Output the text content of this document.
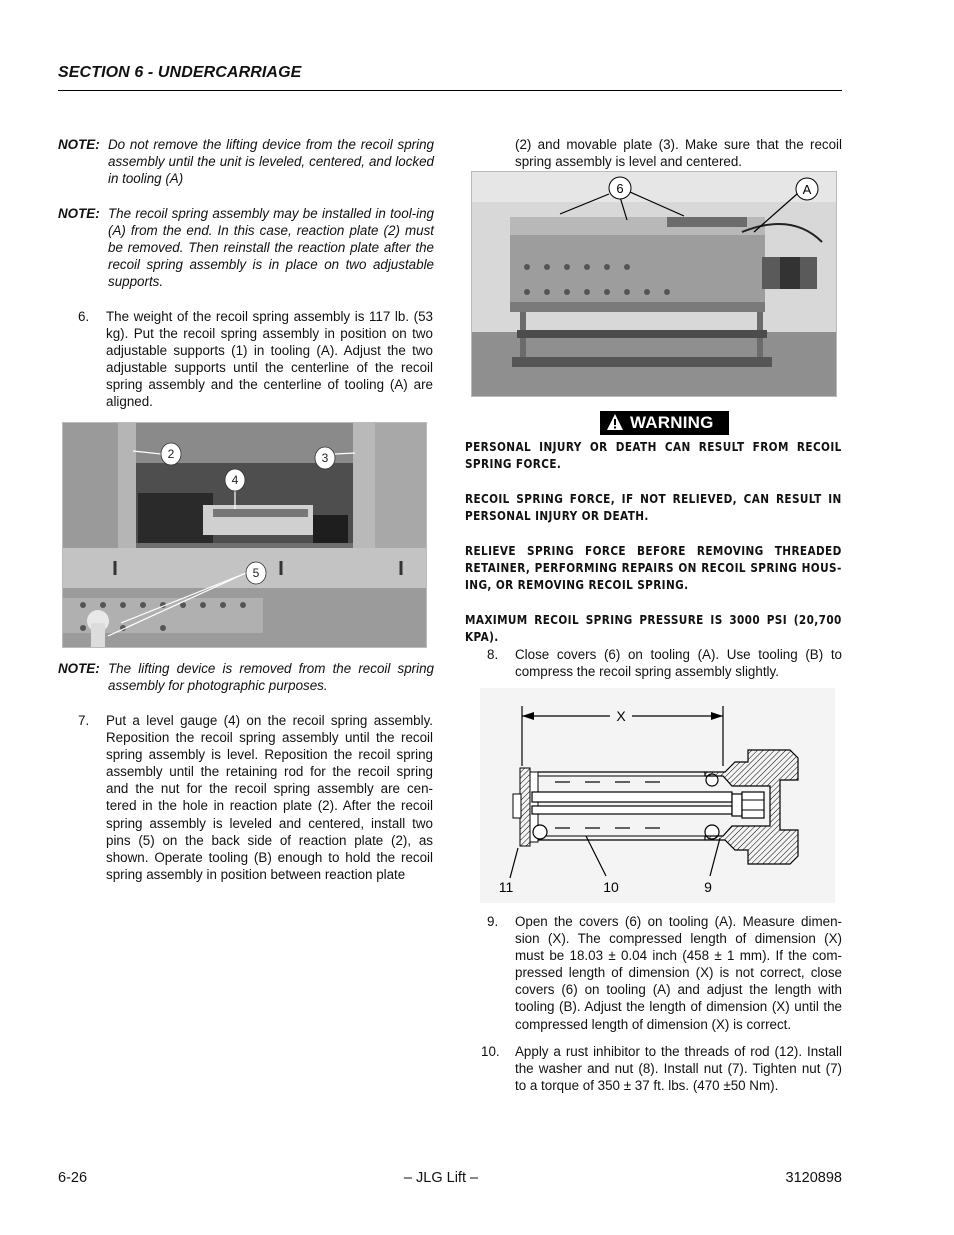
SECTION 6 - UNDERCARRIAGE
NOTE: Do not remove the lifting device from the recoil spring assembly until the unit is leveled, centered, and locked in tooling (A)
NOTE: The recoil spring assembly may be installed in tool-ing (A) from the end. In this case, reaction plate (2) must be removed. Then reinstall the reaction plate after the recoil spring assembly is in place on two adjustable supports.
6. The weight of the recoil spring assembly is 117 lb. (53 kg). Put the recoil spring assembly in position on two adjustable supports (1) in tooling (A). Adjust the two adjustable supports until the centerline of the recoil spring assembly and the centerline of tooling (A) are aligned.
2	3
4
5
NOTE: The lifting device is removed from the recoil spring assembly for photographic purposes.
7. Put a level gauge (4) on the recoil spring assembly. Reposition the recoil spring assembly until the recoil spring assembly is level. Reposition the recoil spring assembly until the retaining rod for the recoil spring and the nut for the recoil spring assembly are cen-tered in the hole in reaction plate (2). After the recoil spring assembly is leveled and centered, install two pins (5) on the back side of reaction plate (2), as shown. Operate tooling (B) enough to hold the recoil spring assembly in position between reaction plate
(2) and movable plate (3). Make sure that the recoil spring assembly is level and centered.
6	A
WARNING
PERSONAL INJURY OR DEATH CAN RESULT FROM RECOIL SPRING FORCE.
RECOIL SPRING FORCE, IF NOT RELIEVED, CAN RESULT IN PERSONAL INJURY OR DEATH.
RELIEVE SPRING FORCE BEFORE REMOVING THREADED RETAINER, PERFORMING REPAIRS ON RECOIL SPRING HOUS-ING, OR REMOVING RECOIL SPRING.
MAXIMUM RECOIL SPRING PRESSURE IS 3000 PSI (20,700 KPA).
8. Close covers (6) on tooling (A). Use tooling (B) to compress the recoil spring assembly slightly.
X
11	10	9
9. Open the covers (6) on tooling (A). Measure dimen-sion (X). The compressed length of dimension (X) must be 18.03 ± 0.04 inch (458 ± 1 mm). If the com-pressed length of dimension (X) is not correct, close covers (6) on tooling (A) and adjust the length with tooling (B). Adjust the length of dimension (X) until the compressed length of dimension (X) is correct.
10. Apply a rust inhibitor to the threads of rod (12). Install the washer and nut (8). Install nut (7). Tighten nut (7) to a torque of 350 ± 37 ft. lbs. (470 ±50 Nm).
6-26	– JLG Lift –	3120898
